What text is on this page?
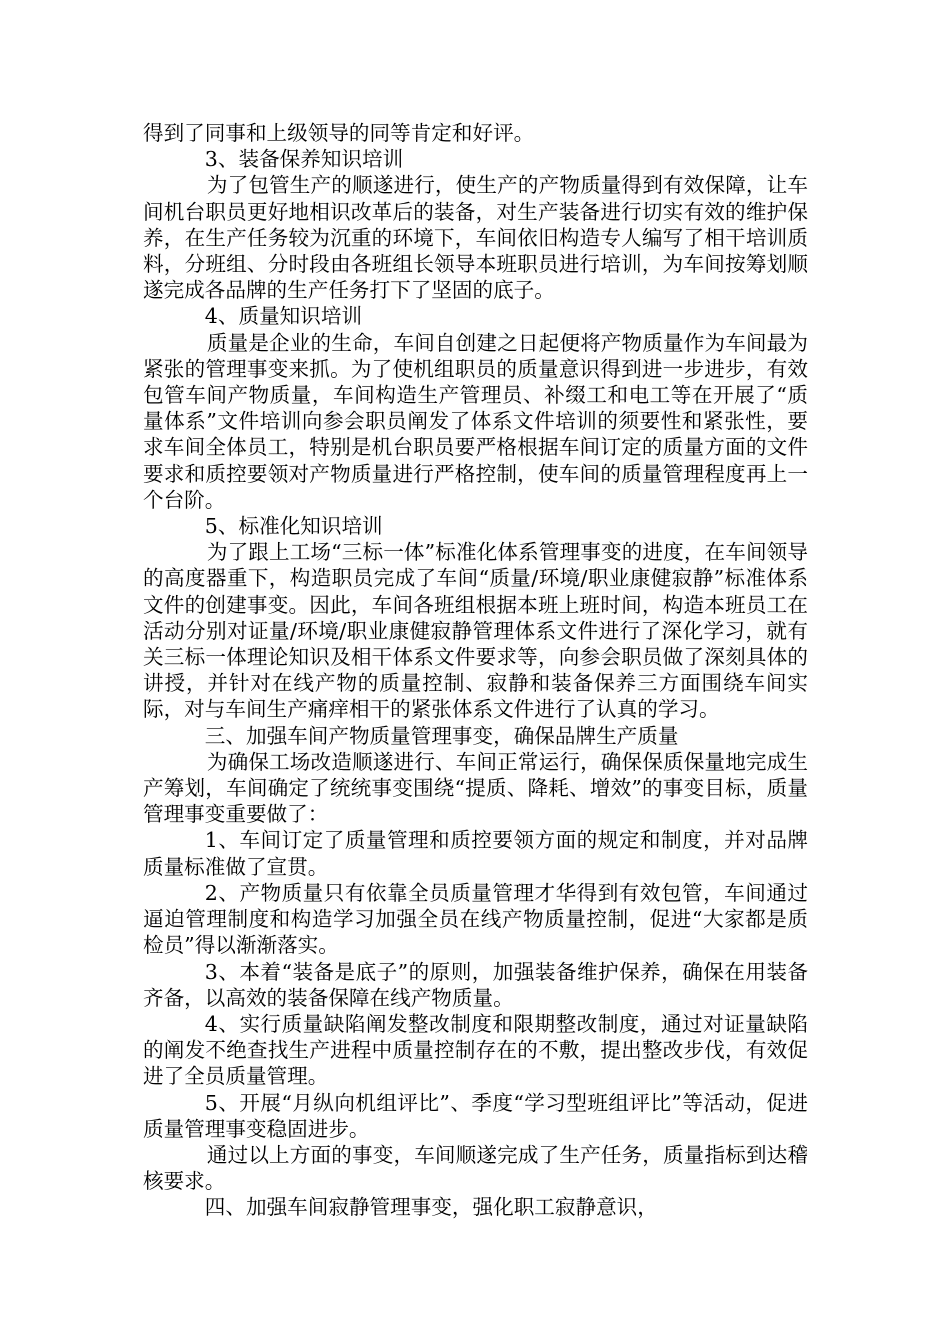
得到了同事和上级领导的同等肯定和好评。

3、装备保养知识培训

为了包管生产的顺遂进行，使生产的产物质量得到有效保障，让车间机台职员更好地相识改革后的装备，对生产装备进行切实有效的维护保养，在生产任务较为沉重的环境下，车间依旧构造专人编写了相干培训质料，分班组、分时段由各班组长领导本班职员进行培训，为车间按筹划顺遂完成各品牌的生产任务打下了坚固的底子。

4、质量知识培训

质量是企业的生命，车间自创建之日起便将产物质量作为车间最为紧张的管理事变来抓。为了使机组职员的质量意识得到进一步进步，有效包管车间产物质量，车间构造生产管理员、补缀工和电工等在开展了“质量体系”文件培训向参会职员阐发了体系文件培训的须要性和紧张性，要求车间全体员工，特别是机台职员要严格根据车间订定的质量方面的文件要求和质控要领对产物质量进行严格控制，使车间的质量管理程度再上一个台阶。

5、标准化知识培训

为了跟上工场“三标一体”标准化体系管理事变的进度，在车间领导的高度器重下，构造职员完成了车间“质量/环境/职业康健寂静”标准体系文件的创建事变。因此，车间各班组根据本班上班时间，构造本班员工在活动分别对证量/环境/职业康健寂静管理体系文件进行了深化学习，就有关三标一体理论知识及相干体系文件要求等，向参会职员做了深刻具体的讲授，并针对在线产物的质量控制、寂静和装备保养三方面围绕车间实际，对与车间生产痛痒相干的紧张体系文件进行了认真的学习。

三、加强车间产物质量管理事变，确保品牌生产质量

为确保工场改造顺遂进行、车间正常运行，确保保质保量地完成生产筹划，车间确定了统统事变围绕“提质、降耗、增效”的事变目标，质量管理事变重要做了：

1、车间订定了质量管理和质控要领方面的规定和制度，并对品牌质量标准做了宣贯。

2、产物质量只有依靠全员质量管理才华得到有效包管，车间通过逼迫管理制度和构造学习加强全员在线产物质量控制，促进“大家都是质检员”得以渐渐落实。

3、本着“装备是底子”的原则，加强装备维护保养，确保在用装备齐备，以高效的装备保障在线产物质量。

4、实行质量缺陷阐发整改制度和限期整改制度，通过对证量缺陷的阐发不绝查找生产进程中质量控制存在的不敷，提出整改步伐，有效促进了全员质量管理。

5、开展“月纵向机组评比”、季度“学习型班组评比”等活动，促进质量管理事变稳固进步。

通过以上方面的事变，车间顺遂完成了生产任务，质量指标到达稽核要求。

四、加强车间寂静管理事变，强化职工寂静意识，
